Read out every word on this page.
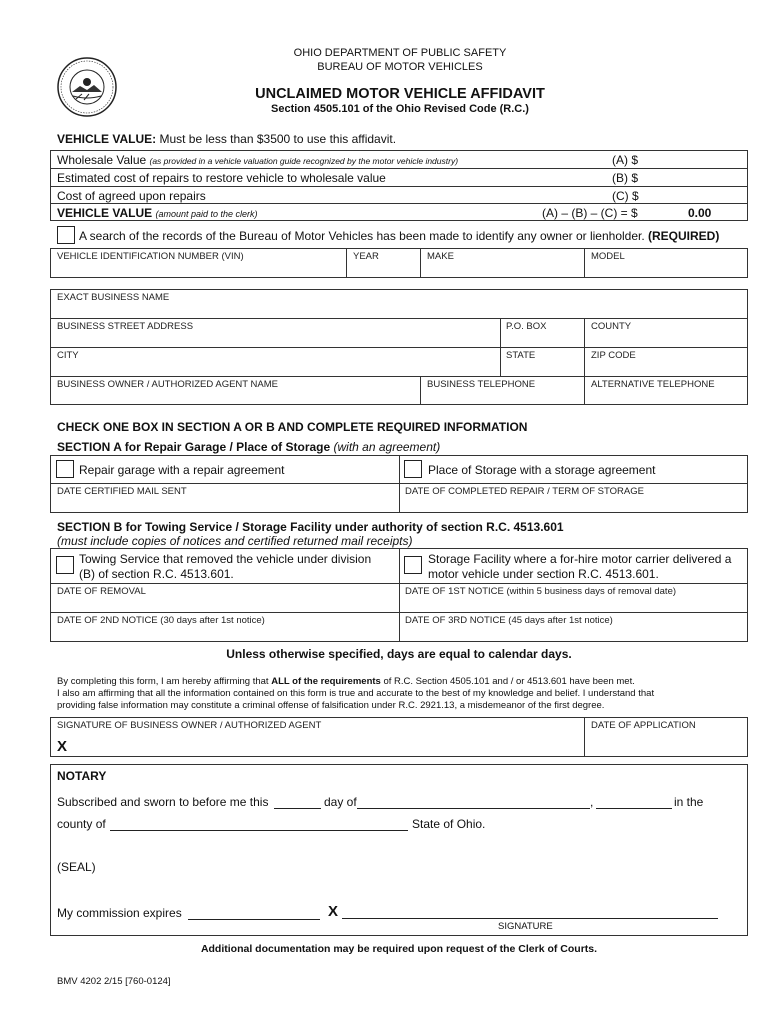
OHIO DEPARTMENT OF PUBLIC SAFETY
BUREAU OF MOTOR VEHICLES
UNCLAIMED MOTOR VEHICLE AFFIDAVIT
Section 4505.101 of the Ohio Revised Code (R.C.)
VEHICLE VALUE: Must be less than $3500 to use this affidavit.
Wholesale Value (as provided in a vehicle valuation guide recognized by the motor vehicle industry)	(A) $
Estimated cost of repairs to restore vehicle to wholesale value	(B) $
Cost of agreed upon repairs	(C) $
VEHICLE VALUE (amount paid to the clerk)	(A) – (B) – (C) = $	0.00
A search of the records of the Bureau of Motor Vehicles has been made to identify any owner or lienholder. (REQUIRED)
VEHICLE IDENTIFICATION NUMBER (VIN)	YEAR	MAKE	MODEL
EXACT BUSINESS NAME
BUSINESS STREET ADDRESS	P.O. BOX	COUNTY
CITY	STATE	ZIP CODE
BUSINESS OWNER / AUTHORIZED AGENT NAME	BUSINESS TELEPHONE	ALTERNATIVE TELEPHONE
CHECK ONE BOX IN SECTION A OR B AND COMPLETE REQUIRED INFORMATION
SECTION A for Repair Garage / Place of Storage (with an agreement)
Repair garage with a repair agreement	Place of Storage with a storage agreement
DATE CERTIFIED MAIL SENT	DATE OF COMPLETED REPAIR / TERM OF STORAGE
SECTION B for Towing Service / Storage Facility under authority of section R.C. 4513.601
(must include copies of notices and certified returned mail receipts)
Towing Service that removed the vehicle under division
(B) of section R.C. 4513.601.
Storage Facility where a for-hire motor carrier delivered a
motor vehicle under section R.C. 4513.601.
DATE OF REMOVAL	DATE OF 1ST NOTICE (within 5 business days of removal date)
DATE OF 2ND NOTICE (30 days after 1st notice)	DATE OF 3RD NOTICE (45 days after 1st notice)
Unless otherwise specified, days are equal to calendar days.
By completing this form, I am hereby affirming that ALL of the requirements of R.C. Section 4505.101 and / or 4513.601 have been met.
I also am affirming that all the information contained on this form is true and accurate to the best of my knowledge and belief. I understand that
providing false information may constitute a criminal offense of falsification under R.C. 2921.13, a misdemeanor of the first degree.
SIGNATURE OF BUSINESS OWNER / AUTHORIZED AGENT
X
DATE OF APPLICATION
NOTARY
Subscribed and sworn to before me this	day of	,	in the
county of	State of Ohio.
(SEAL)
My commission expires	X
SIGNATURE
Additional documentation may be required upon request of the Clerk of Courts.
BMV 4202 2/15 [760-0124]
